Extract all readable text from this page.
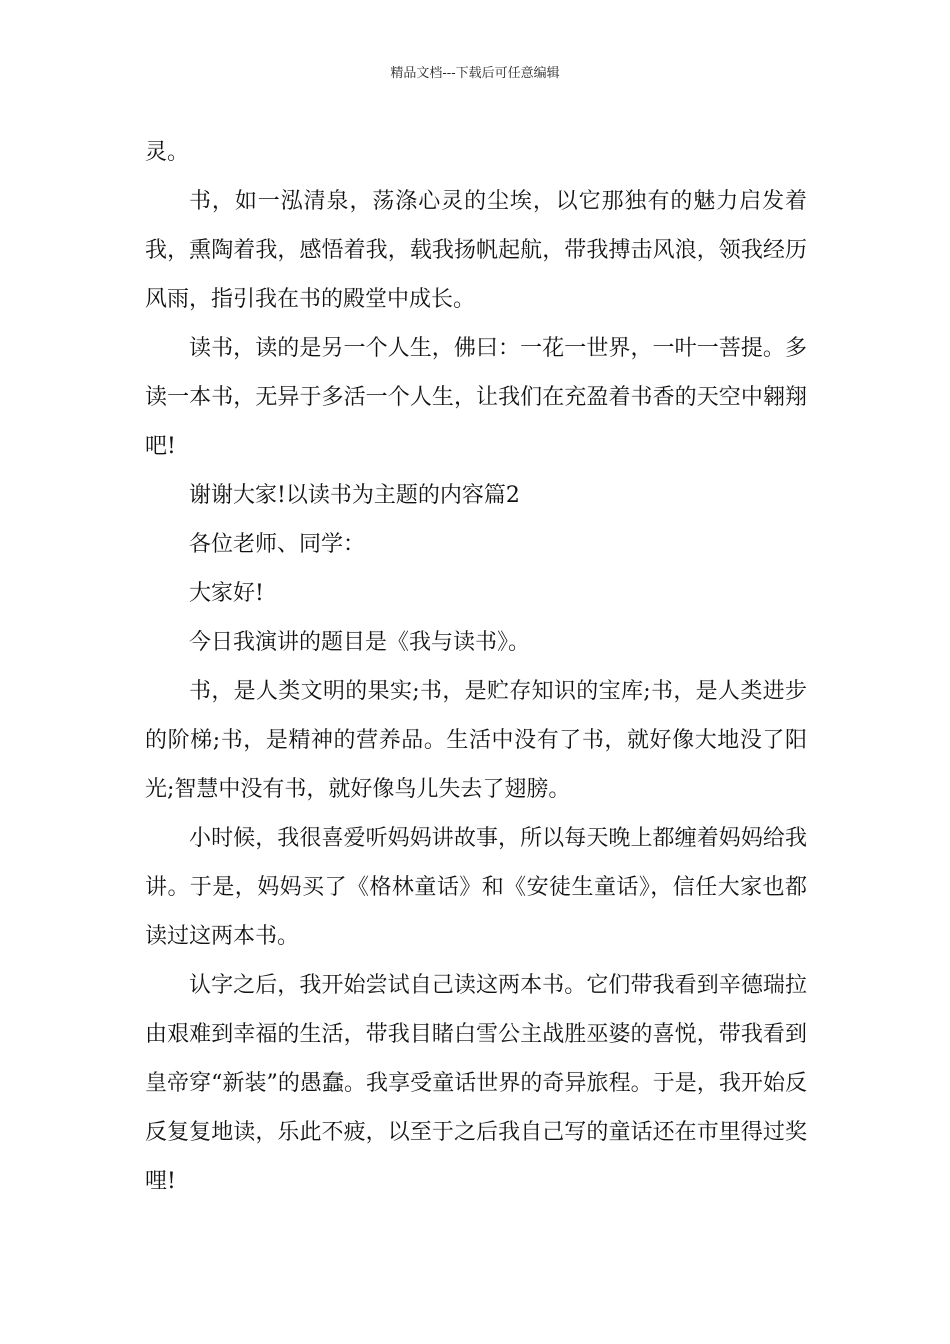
精品文档---下载后可任意编辑

灵。

书，如一泓清泉，荡涤心灵的尘埃，以它那独有的魅力启发着我，熏陶着我，感悟着我，载我扬帆起航，带我搏击风浪，领我经历风雨，指引我在书的殿堂中成长。

读书，读的是另一个人生，佛曰：一花一世界，一叶一菩提。多读一本书，无异于多活一个人生，让我们在充盈着书香的天空中翱翔吧!

谢谢大家!以读书为主题的内容篇2

各位老师、同学：

大家好!

今日我演讲的题目是《我与读书》。

书，是人类文明的果实;书，是贮存知识的宝库;书，是人类进步的阶梯;书，是精神的营养品。生活中没有了书，就好像大地没了阳光;智慧中没有书，就好像鸟儿失去了翅膀。

小时候，我很喜爱听妈妈讲故事，所以每天晚上都缠着妈妈给我讲。于是，妈妈买了《格林童话》和《安徒生童话》，信任大家也都读过这两本书。

认字之后，我开始尝试自己读这两本书。它们带我看到辛德瑞拉由艰难到幸福的生活，带我目睹白雪公主战胜巫婆的喜悦，带我看到皇帝穿“新装”的愚蠢。我享受童话世界的奇异旅程。于是，我开始反反复复地读，乐此不疲，以至于之后我自己写的童话还在市里得过奖哩!
